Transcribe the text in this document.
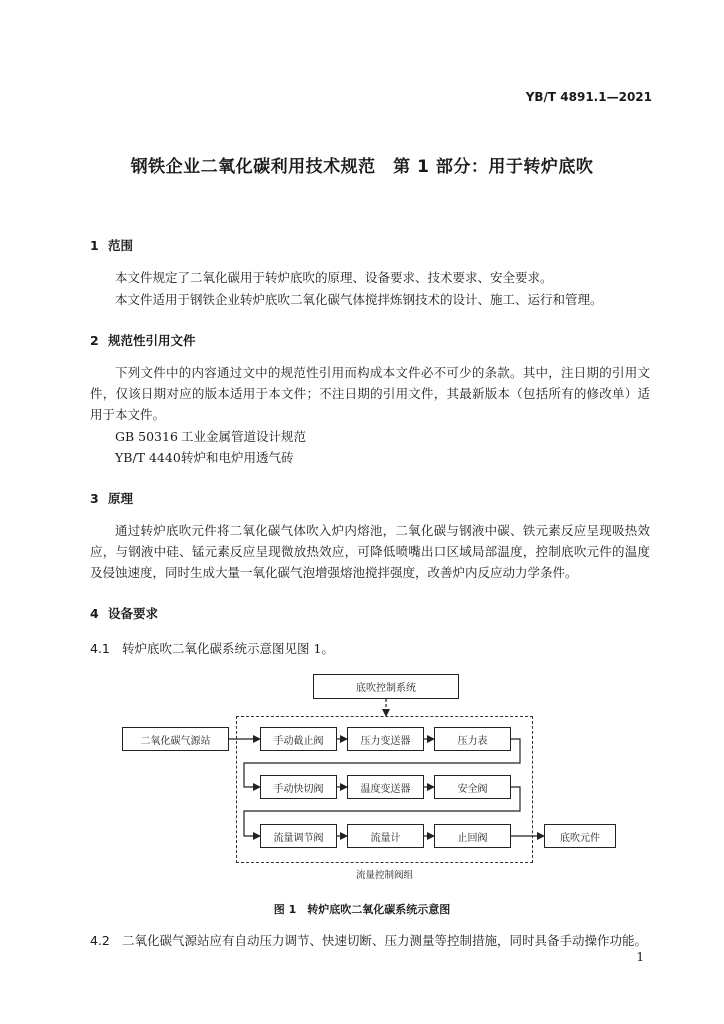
YB/T 4891.1—2021
钢铁企业二氧化碳利用技术规范　第 1 部分：用于转炉底吹
1 范围
本文件规定了二氧化碳用于转炉底吹的原理、设备要求、技术要求、安全要求。
本文件适用于钢铁企业转炉底吹二氧化碳气体搅拌炼钢技术的设计、施工、运行和管理。
2 规范性引用文件
下列文件中的内容通过文中的规范性引用而构成本文件必不可少的条款。其中，注日期的引用文件，仅该日期对应的版本适用于本文件；不注日期的引用文件，其最新版本（包括所有的修改单）适用于本文件。
GB 50316 工业金属管道设计规范
YB/T 4440转炉和电炉用透气砖
3 原理
通过转炉底吹元件将二氧化碳气体吹入炉内熔池，二氧化碳与钢液中碳、铁元素反应呈现吸热效应，与钢液中硅、锰元素反应呈现微放热效应，可降低喷嘴出口区域局部温度，控制底吹元件的温度及侵蚀速度，同时生成大量一氧化碳气泡增强熔池搅拌强度，改善炉内反应动力学条件。
4 设备要求
4.1 转炉底吹二氧化碳系统示意图见图 1。
底吹控制系统
二氧化碳气源站	手动截止阀	压力变送器	压力表
手动快切阀	温度变送器	安全阀
流量调节阀	流量计	止回阀	底吹元件
流量控制阀组
图 1　转炉底吹二氧化碳系统示意图
4.2 二氧化碳气源站应有自动压力调节、快速切断、压力测量等控制措施，同时具备手动操作功能。
1
